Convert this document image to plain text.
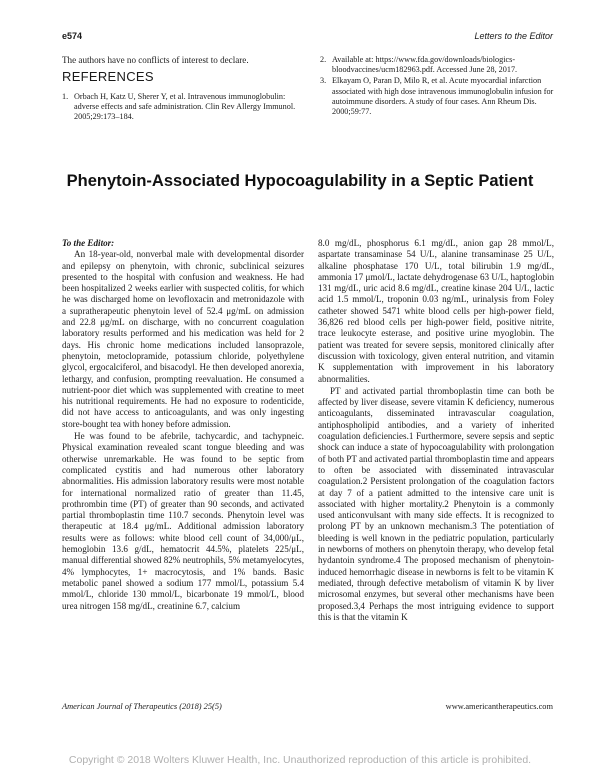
e574	Letters to the Editor

The authors have no conflicts of interest to declare.

REFERENCES
1. Orbach H, Katz U, Sherer Y, et al. Intravenous immunoglobulin: adverse effects and safe administration. Clin Rev Allergy Immunol. 2005;29:173–184.
2. Available at: https://www.fda.gov/downloads/biologics-bloodvaccines/ucm182963.pdf. Accessed June 28, 2017.
3. Elkayam O, Paran D, Milo R, et al. Acute myocardial infarction associated with high dose intravenous immunoglobulin infusion for autoimmune disorders. A study of four cases. Ann Rheum Dis. 2000;59:77.
Phenytoin-Associated Hypocoagulability in a Septic Patient

To the Editor:

An 18-year-old, nonverbal male with developmental disorder and epilepsy on phenytoin, with chronic, subclinical seizures presented to the hospital with confusion and weakness. He had been hospitalized 2 weeks earlier with suspected colitis, for which he was discharged home on levofloxacin and metronidazole with a supratherapeutic phenytoin level of 52.4 μg/mL on admission and 22.8 μg/mL on discharge, with no concurrent coagulation laboratory results performed and his medication was held for 2 days. His chronic home medications included lansoprazole, phenytoin, metoclopramide, potassium chloride, polyethylene glycol, ergocalciferol, and bisacodyl. He then developed anorexia, lethargy, and confusion, prompting reevaluation. He consumed a nutrient-poor diet which was supplemented with creatine to meet his nutritional requirements. He had no exposure to rodenticide, did not have access to anticoagulants, and was only ingesting store-bought tea with honey before admission.

He was found to be afebrile, tachycardic, and tachypneic. Physical examination revealed scant tongue bleeding and was otherwise unremarkable. He was found to be septic from complicated cystitis and had numerous other laboratory abnormalities. His admission laboratory results were most notable for international normalized ratio of greater than 11.45, prothrombin time (PT) of greater than 90 seconds, and activated partial thromboplastin time 110.7 seconds. Phenytoin level was therapeutic at 18.4 μg/mL. Additional admission laboratory results were as follows: white blood cell count of 34,000/μL, hemoglobin 13.6 g/dL, hematocrit 44.5%, platelets 225/μL, manual differential showed 82% neutrophils, 5% metamyelocytes, 4% lymphocytes, 1+ macrocytosis, and 1% bands. Basic metabolic panel showed a sodium 177 mmol/L, potassium 5.4 mmol/L, chloride 130 mmol/L, bicarbonate 19 mmol/L, blood urea nitrogen 158 mg/dL, creatinine 6.7, calcium

8.0 mg/dL, phosphorus 6.1 mg/dL, anion gap 28 mmol/L, aspartate transaminase 54 U/L, alanine transaminase 25 U/L, alkaline phosphatase 170 U/L, total bilirubin 1.9 mg/dL, ammonia 17 μmol/L, lactate dehydrogenase 63 U/L, haptoglobin 131 mg/dL, uric acid 8.6 mg/dL, creatine kinase 204 U/L, lactic acid 1.5 mmol/L, troponin 0.03 ng/mL, urinalysis from Foley catheter showed 5471 white blood cells per high-power field, 36,826 red blood cells per high-power field, positive nitrite, trace leukocyte esterase, and positive urine myoglobin. The patient was treated for severe sepsis, monitored clinically after discussion with toxicology, given enteral nutrition, and vitamin K supplementation with improvement in his laboratory abnormalities.

PT and activated partial thromboplastin time can both be affected by liver disease, severe vitamin K deficiency, numerous anticoagulants, disseminated intravascular coagulation, antiphospholipid antibodies, and a variety of inherited coagulation deficiencies.1 Furthermore, severe sepsis and septic shock can induce a state of hypocoagulability with prolongation of both PT and activated partial thromboplastin time and appears to often be associated with disseminated intravascular coagulation.2 Persistent prolongation of the coagulation factors at day 7 of a patient admitted to the intensive care unit is associated with higher mortality.2 Phenytoin is a commonly used anticonvulsant with many side effects. It is recognized to prolong PT by an unknown mechanism.3 The potentiation of bleeding is well known in the pediatric population, particularly in newborns of mothers on phenytoin therapy, who develop fetal hydantoin syndrome.4 The proposed mechanism of phenytoin-induced hemorrhagic disease in newborns is felt to be vitamin K mediated, through defective metabolism of vitamin K by liver microsomal enzymes, but several other mechanisms have been proposed.3,4 Perhaps the most intriguing evidence to support this is that the vitamin K

American Journal of Therapeutics (2018) 25(5)	www.americantherapeutics.com
Copyright © 2018 Wolters Kluwer Health, Inc. Unauthorized reproduction of this article is prohibited.
